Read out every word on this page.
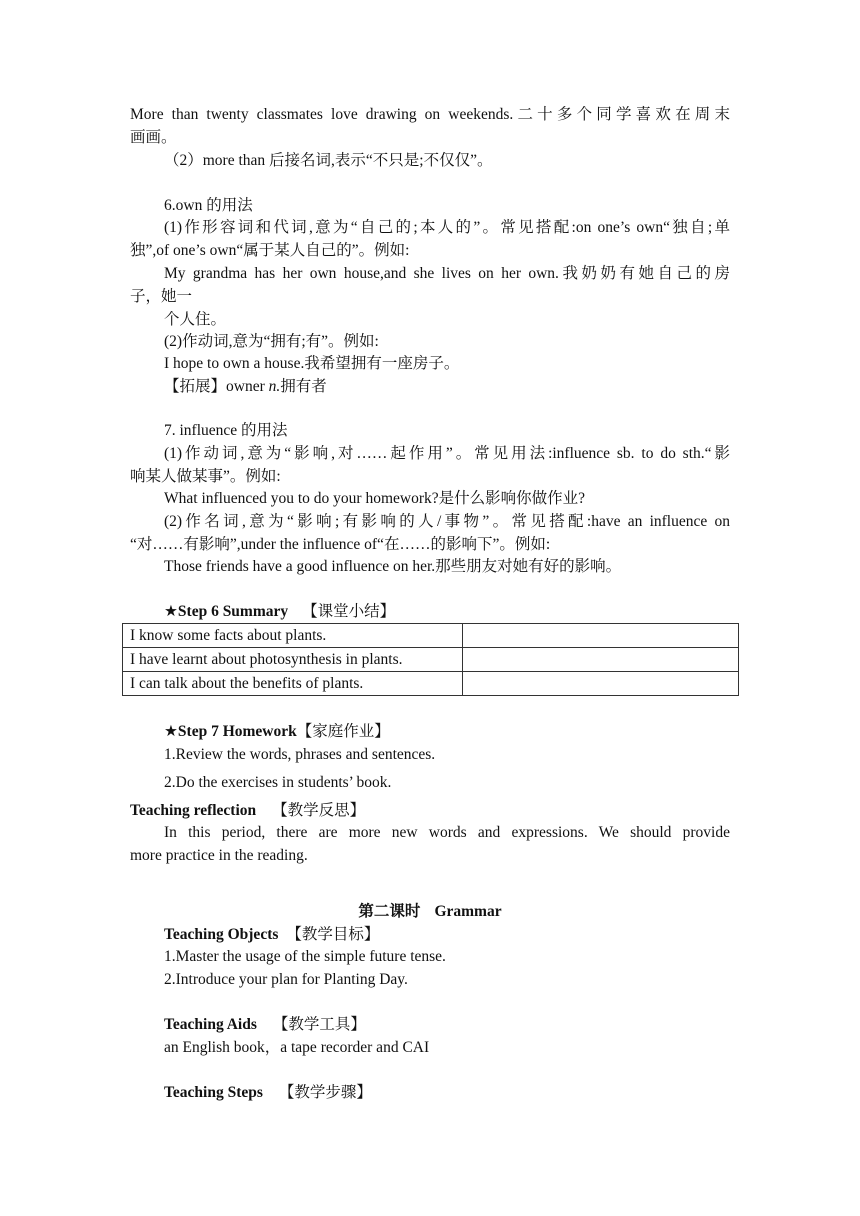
More than twenty classmates love drawing on weekends.二十多个同学喜欢在周末
画画。
（2）more than 后接名词,表示“不只是;不仅仅”。
6.own 的用法
(1)作形容词和代词,意为“自己的;本人的”。常见搭配:on one’s own“独自;单
独”,of one’s own“属于某人自己的”。例如:
My grandma has her own house,and she lives on her own.我奶奶有她自己的房
子，她一
个人住。
(2)作动词,意为“拥有;有”。例如:
I hope to own a house.我希望拥有一座房子。
【拓展】owner n.拥有者
7. influence 的用法
(1)作动词,意为“影响,对……起作用”。常见用法:influence sb. to do sth.“影
响某人做某事”。例如:
What influenced you to do your homework?是什么影响你做作业?
(2)作名词,意为“影响;有影响的人/事物”。常见搭配:have an influence on
“对……有影响”,under the influence of“在……的影响下”。例如:
Those friends have a good influence on her.那些朋友对她有好的影响。
★Step 6 Summary 【课堂小结】
I know some facts about plants.	
I have learnt about photosynthesis in plants.	
I can talk about the benefits of plants.	
★Step 7 Homework【家庭作业】
1.Review the words, phrases and sentences.
2.Do the exercises in students’ book.
Teaching reflection 【教学反思】
In this period, there are more new words and expressions. We should provide
more practice in the reading.
第二课时 Grammar
Teaching Objects 【教学目标】
1.Master the usage of the simple future tense.
2.Introduce your plan for Planting Day.
Teaching Aids 【教学工具】
an English book，a tape recorder and CAI
Teaching Steps 【教学步骤】
